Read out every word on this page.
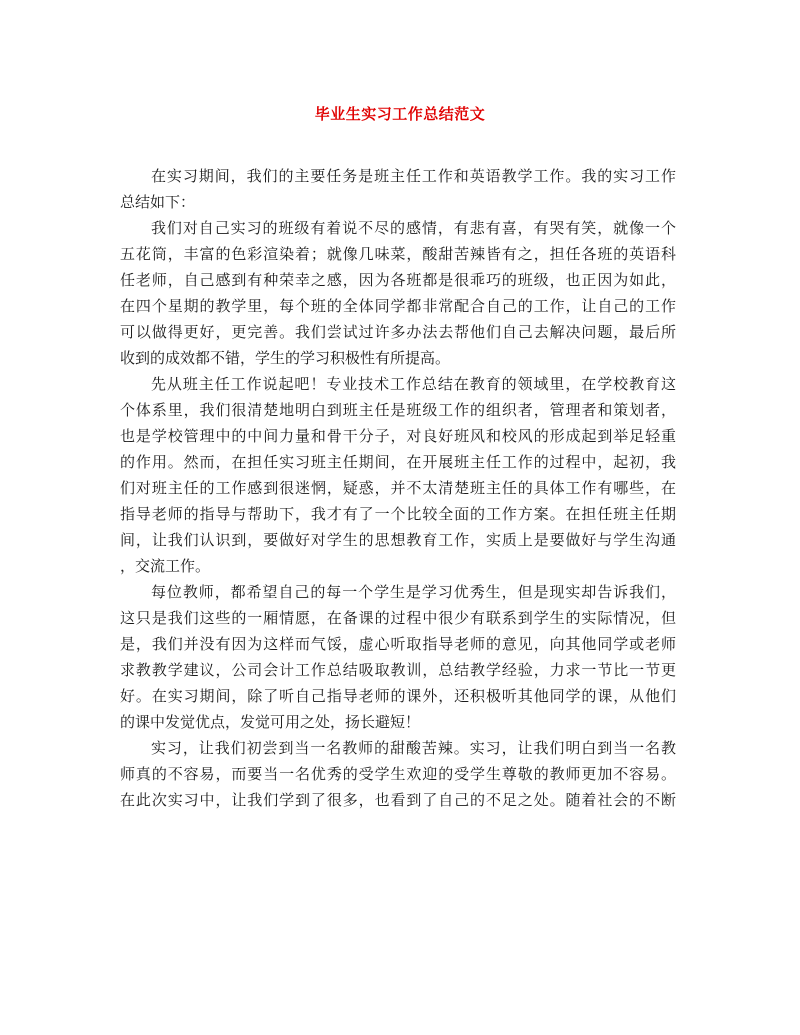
毕业生实习工作总结范文
在实习期间，我们的主要任务是班主任工作和英语教学工作。我的实习工作
总结如下：
我们对自己实习的班级有着说不尽的感情，有悲有喜，有哭有笑，就像一个
五花筒，丰富的色彩渲染着；就像几味菜，酸甜苦辣皆有之，担任各班的英语科
任老师，自己感到有种荣幸之感，因为各班都是很乖巧的班级，也正因为如此，
在四个星期的教学里，每个班的全体同学都非常配合自己的工作，让自己的工作
可以做得更好，更完善。我们尝试过许多办法去帮他们自己去解决问题，最后所
收到的成效都不错，学生的学习积极性有所提高。
先从班主任工作说起吧！专业技术工作总结在教育的领域里，在学校教育这
个体系里，我们很清楚地明白到班主任是班级工作的组织者，管理者和策划者，
也是学校管理中的中间力量和骨干分子，对良好班风和校风的形成起到举足轻重
的作用。然而，在担任实习班主任期间，在开展班主任工作的过程中，起初，我
们对班主任的工作感到很迷惘，疑惑，并不太清楚班主任的具体工作有哪些，在
指导老师的指导与帮助下，我才有了一个比较全面的工作方案。在担任班主任期
间，让我们认识到，要做好对学生的思想教育工作，实质上是要做好与学生沟通
，交流工作。
每位教师，都希望自己的每一个学生是学习优秀生，但是现实却告诉我们，
这只是我们这些的一厢情愿，在备课的过程中很少有联系到学生的实际情况，但
是，我们并没有因为这样而气馁，虚心听取指导老师的意见，向其他同学或老师
求教教学建议，公司会计工作总结吸取教训，总结教学经验，力求一节比一节更
好。在实习期间，除了听自己指导老师的课外，还积极听其他同学的课，从他们
的课中发觉优点，发觉可用之处，扬长避短！
实习，让我们初尝到当一名教师的甜酸苦辣。实习，让我们明白到当一名教
师真的不容易，而要当一名优秀的受学生欢迎的受学生尊敬的教师更加不容易。
在此次实习中，让我们学到了很多，也看到了自己的不足之处。随着社会的不断
